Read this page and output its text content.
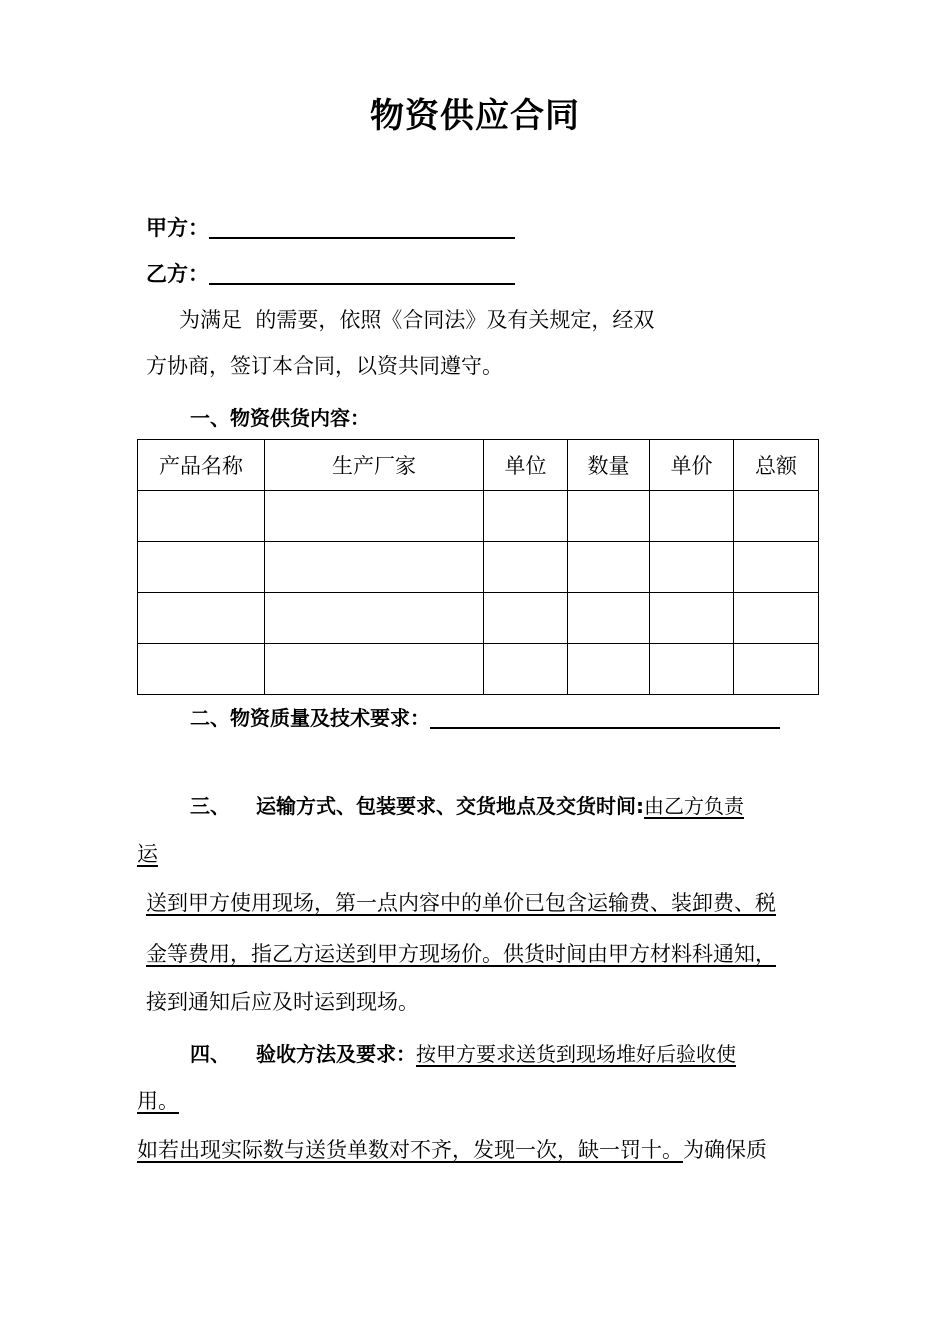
物资供应合同
甲方：
乙方：
为满足  的需要，依照《合同法》及有关规定，经双
方协商，签订本合同，以资共同遵守。
一、物资供货内容：
产品名称	生产厂家	单位	数量	单价	总额

二、物资质量及技术要求：
三、 运输方式、包装要求、交货地点及交货时间:由乙方负责
运
送到甲方使用现场，第一点内容中的单价已包含运输费、装卸费、税
金等费用，指乙方运送到甲方现场价。供货时间由甲方材料科通知，
接到通知后应及时运到现场。
四、 验收方法及要求：按甲方要求送货到现场堆好后验收使
用。
如若出现实际数与送货单数对不齐，发现一次，缺一罚十。为确保质
